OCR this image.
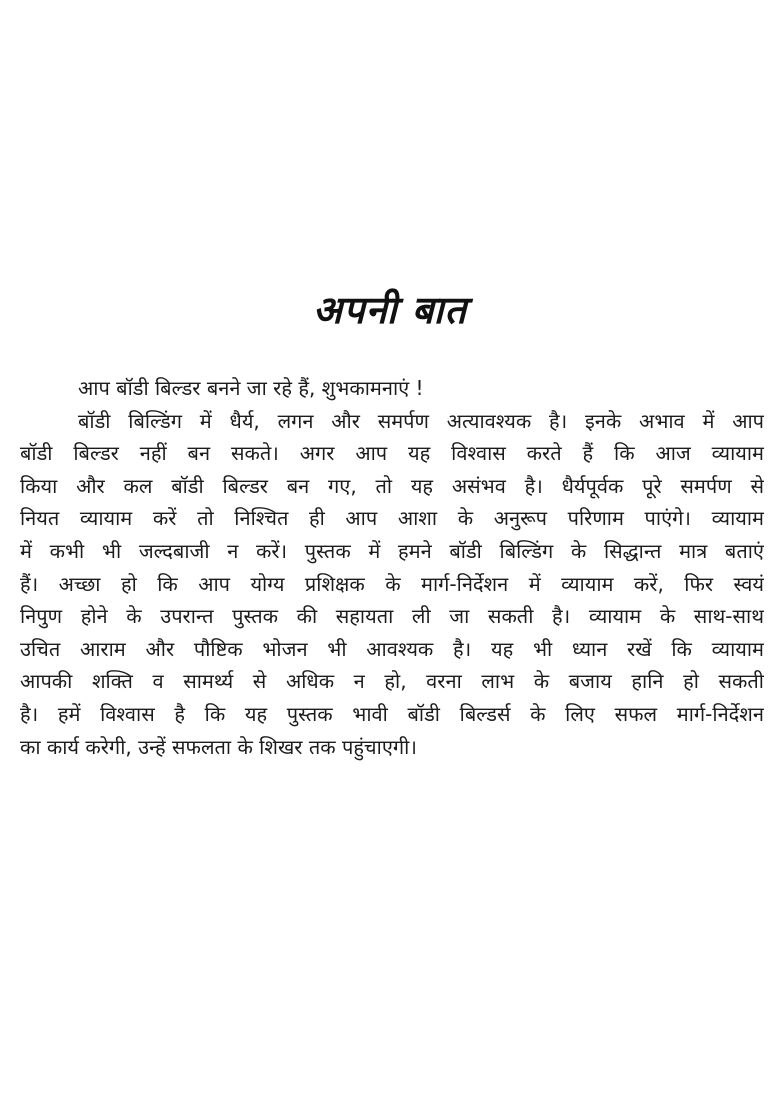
अपनी बात
आप बॉडी बिल्डर बनने जा रहे हैं, शुभकामनाएं !
बॉडी बिल्डिंग में धैर्य, लगन और समर्पण अत्यावश्यक है। इनके अभाव में आप
बॉडी बिल्डर नहीं बन सकते। अगर आप यह विश्वास करते हैं कि आज व्यायाम
किया और कल बॉडी बिल्डर बन गए, तो यह असंभव है। धैर्यपूर्वक पूरे समर्पण से
नियत व्यायाम करें तो निश्चित ही आप आशा के अनुरूप परिणाम पाएंगे। व्यायाम
में कभी भी जल्दबाजी न करें। पुस्तक में हमने बॉडी बिल्डिंग के सिद्धान्त मात्र बताएं
हैं। अच्छा हो कि आप योग्य प्रशिक्षक के मार्ग-निर्देशन में व्यायाम करें, फिर स्वयं
निपुण होने के उपरान्त पुस्तक की सहायता ली जा सकती है। व्यायाम के साथ-साथ
उचित आराम और पौष्टिक भोजन भी आवश्यक है। यह भी ध्यान रखें कि व्यायाम
आपकी शक्ति व सामर्थ्य से अधिक न हो, वरना लाभ के बजाय हानि हो सकती
है। हमें विश्वास है कि यह पुस्तक भावी बॉडी बिल्डर्स के लिए सफल मार्ग-निर्देशन
का कार्य करेगी, उन्हें सफलता के शिखर तक पहुंचाएगी।
